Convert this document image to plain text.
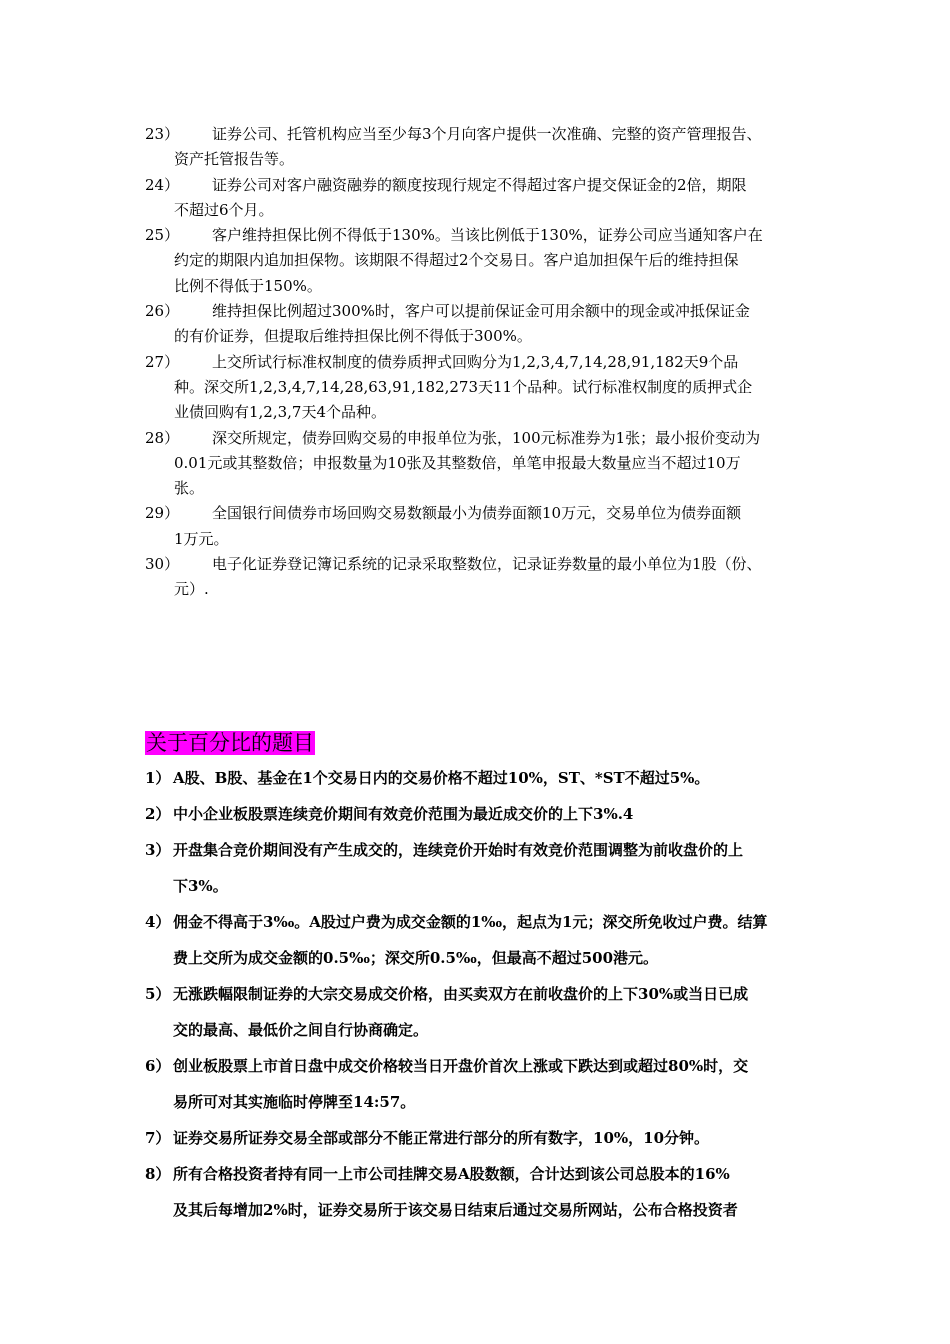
23）	证券公司、托管机构应当至少每3个月向客户提供一次准确、完整的资产管理报告、
资产托管报告等。
24）	证券公司对客户融资融券的额度按现行规定不得超过客户提交保证金的2倍，期限
不超过6个月。
25）	客户维持担保比例不得低于130%。当该比例低于130%，证券公司应当通知客户在
约定的期限内追加担保物。该期限不得超过2个交易日。客户追加担保午后的维持担保
比例不得低于150%。
26）	维持担保比例超过300%时，客户可以提前保证金可用余额中的现金或冲抵保证金
的有价证券，但提取后维持担保比例不得低于300%。
27）	上交所试行标准权制度的债券质押式回购分为1,2,3,4,7,14,28,91,182天9个品
种。深交所1,2,3,4,7,14,28,63,91,182,273天11个品种。试行标准权制度的质押式企
业债回购有1,2,3,7天4个品种。
28）	深交所规定，债券回购交易的申报单位为张，100元标准券为1张；最小报价变动为
0.01元或其整数倍；申报数量为10张及其整数倍，单笔申报最大数量应当不超过10万
张。
29）	全国银行间债券市场回购交易数额最小为债券面额10万元，交易单位为债券面额
1万元。
30）	电子化证券登记簿记系统的记录采取整数位，记录证券数量的最小单位为1股（份、
元）.
关于百分比的题目
1） A股、B股、基金在1个交易日内的交易价格不超过10%，ST、*ST不超过5%。
2） 中小企业板股票连续竞价期间有效竞价范围为最近成交价的上下3%.4
3） 开盘集合竞价期间没有产生成交的，连续竞价开始时有效竞价范围调整为前收盘价的上
下3%。
4） 佣金不得高于3‰。A股过户费为成交金额的1‰，起点为1元；深交所免收过户费。结算
费上交所为成交金额的0.5‰；深交所0.5‰，但最高不超过500港元。
5） 无涨跌幅限制证券的大宗交易成交价格，由买卖双方在前收盘价的上下30%或当日已成
交的最高、最低价之间自行协商确定。
6） 创业板股票上市首日盘中成交价格较当日开盘价首次上涨或下跌达到或超过80%时，交
易所可对其实施临时停牌至14:57。
7） 证券交易所证券交易全部或部分不能正常进行部分的所有数字，10%，10分钟。
8） 所有合格投资者持有同一上市公司挂牌交易A股数额，合计达到该公司总股本的16%
及其后每增加2%时，证券交易所于该交易日结束后通过交易所网站，公布合格投资者
